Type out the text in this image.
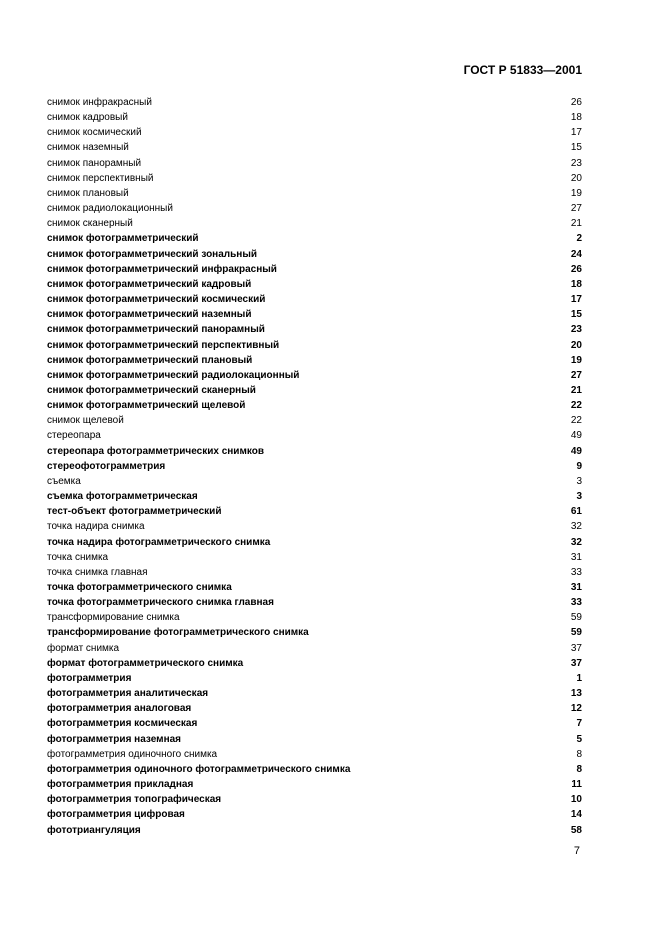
ГОСТ Р 51833—2001
снимок инфракрасный	26
снимок кадровый	18
снимок космический	17
снимок наземный	15
снимок панорамный	23
снимок перспективный	20
снимок плановый	19
снимок радиолокационный	27
снимок сканерный	21
снимок фотограмметрический	2
снимок фотограмметрический зональный	24
снимок фотограмметрический инфракрасный	26
снимок фотограмметрический кадровый	18
снимок фотограмметрический космический	17
снимок фотограмметрический наземный	15
снимок фотограмметрический панорамный	23
снимок фотограмметрический перспективный	20
снимок фотограмметрический плановый	19
снимок фотограмметрический радиолокационный	27
снимок фотограмметрический сканерный	21
снимок фотограмметрический щелевой	22
снимок щелевой	22
стереопара	49
стереопара фотограмметрических снимков	49
стереофотограмметрия	9
съемка	3
съемка фотограмметрическая	3
тест-объект фотограмметрический	61
точка надира снимка	32
точка надира фотограмметрического снимка	32
точка снимка	31
точка снимка главная	33
точка фотограмметрического снимка	31
точка фотограмметрического снимка главная	33
трансформирование снимка	59
трансформирование фотограмметрического снимка	59
формат снимка	37
формат фотограмметрического снимка	37
фотограмметрия	1
фотограмметрия аналитическая	13
фотограмметрия аналоговая	12
фотограмметрия космическая	7
фотограмметрия наземная	5
фотограмметрия одиночного снимка	8
фотограмметрия одиночного фотограмметрического снимка	8
фотограмметрия прикладная	11
фотограмметрия топографическая	10
фотограмметрия цифровая	14
фототриангуляция	58
7
